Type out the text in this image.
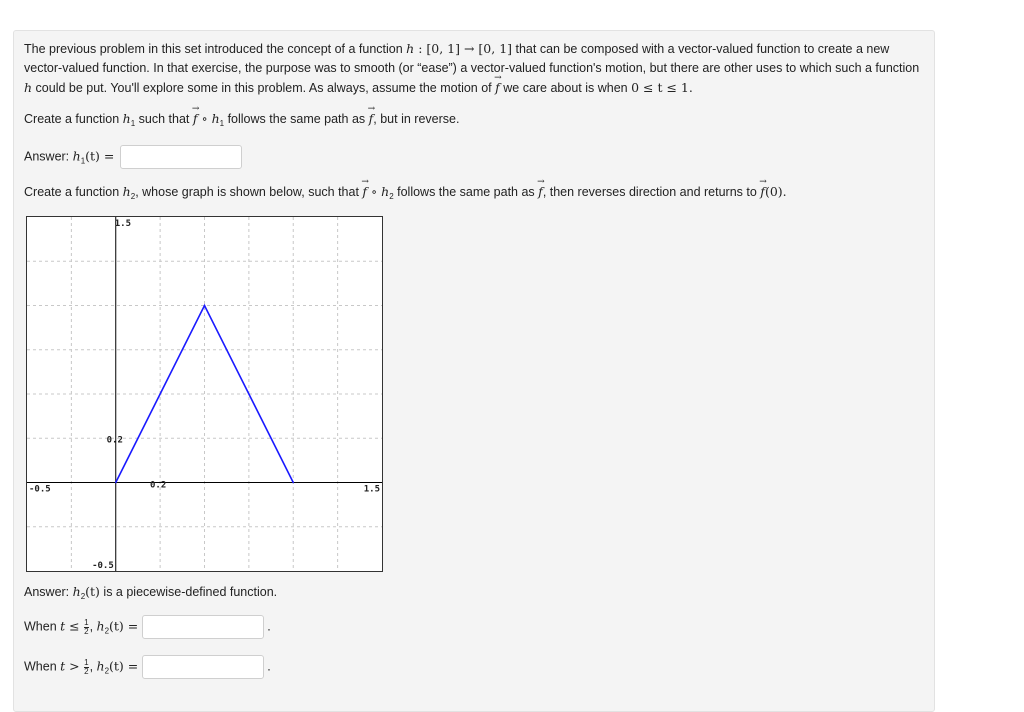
The previous problem in this set introduced the concept of a function h : [0, 1] → [0, 1] that can be composed with a vector-valued function to create a new vector-valued function. In that exercise, the purpose was to smooth (or “ease”) a vector-valued function's motion, but there are other uses to which such a function h could be put. You'll explore some in this problem. As always, assume the motion of → f we care about is when 0 ≤ t ≤ 1.
Create a function $h_1$ such that → f ∘ $h_1$ follows the same path as → f, but in reverse.
Answer: $h_1(t)$ =
Create a function $h_2$, whose graph is shown below, such that → f ∘ $h_2$ follows the same path as → f, then reverses direction and returns to → f(0).
1.5
0.2
-0.5	0.2	1.5
-0.5
Answer: $h_2(t)$ is a piecewise-defined function.
When $t \le \frac{1}{2}$ , $h_2(t)$ =	.
When $t > \frac{1}{2}$ , $h_2(t)$ =	.
